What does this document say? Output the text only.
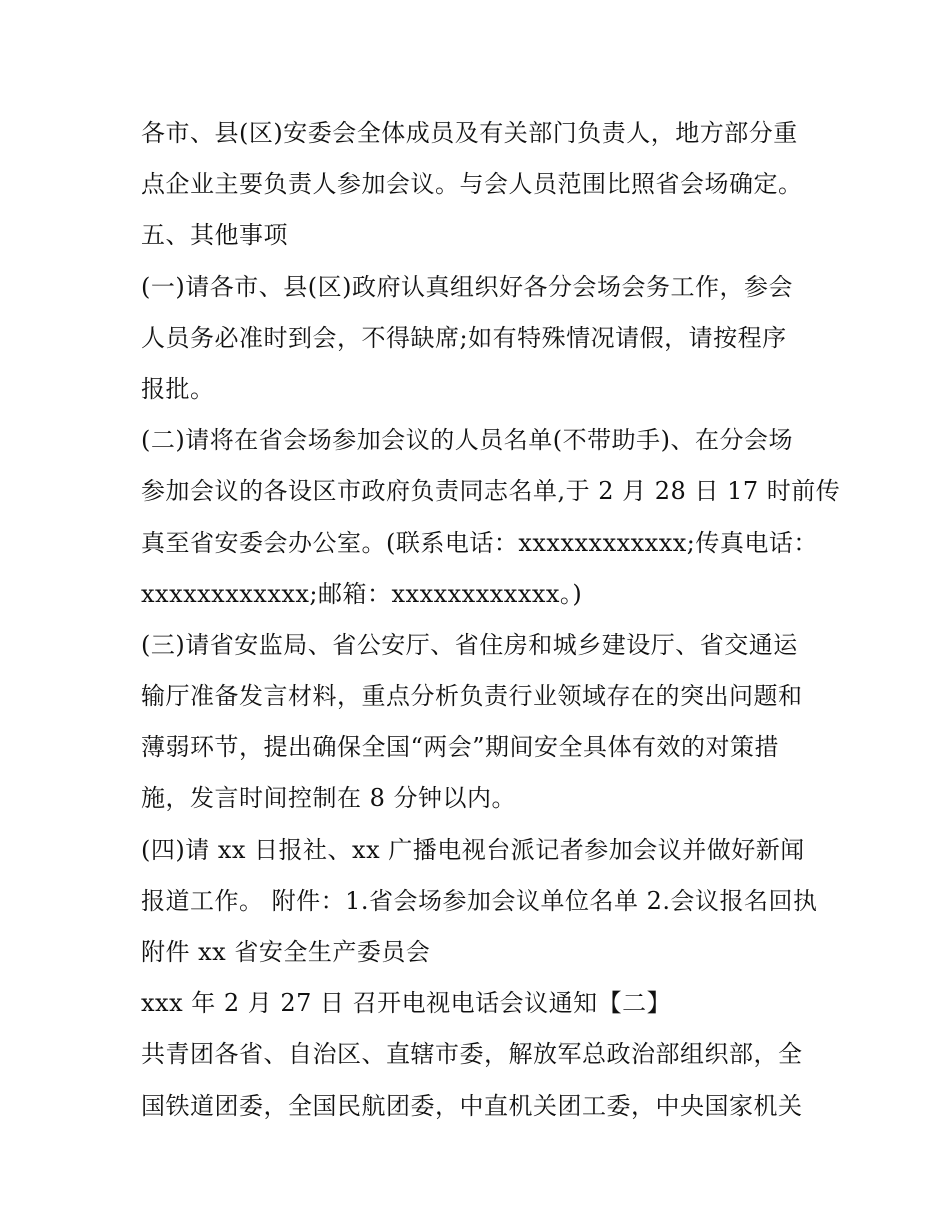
各市、县(区)安委会全体成员及有关部门负责人，地方部分重
点企业主要负责人参加会议。与会人员范围比照省会场确定。
五、其他事项
(一)请各市、县(区)政府认真组织好各分会场会务工作，参会
人员务必准时到会，不得缺席;如有特殊情况请假，请按程序
报批。
(二)请将在省会场参加会议的人员名单(不带助手)、在分会场
参加会议的各设区市政府负责同志名单,于 2 月 28 日 17 时前传
真至省安委会办公室。(联系电话：xxxxxxxxxxxx;传真电话：
xxxxxxxxxxxx;邮箱：xxxxxxxxxxxx。)
(三)请省安监局、省公安厅、省住房和城乡建设厅、省交通运
输厅准备发言材料，重点分析负责行业领域存在的突出问题和
薄弱环节，提出确保全国“两会”期间安全具体有效的对策措
施，发言时间控制在 8 分钟以内。
(四)请 xx 日报社、xx 广播电视台派记者参加会议并做好新闻
报道工作。 附件：1.省会场参加会议单位名单 2.会议报名回执
附件 xx 省安全生产委员会
xxx 年 2 月 27 日 召开电视电话会议通知【二】
共青团各省、自治区、直辖市委，解放军总政治部组织部，全
国铁道团委，全国民航团委，中直机关团工委，中央国家机关
